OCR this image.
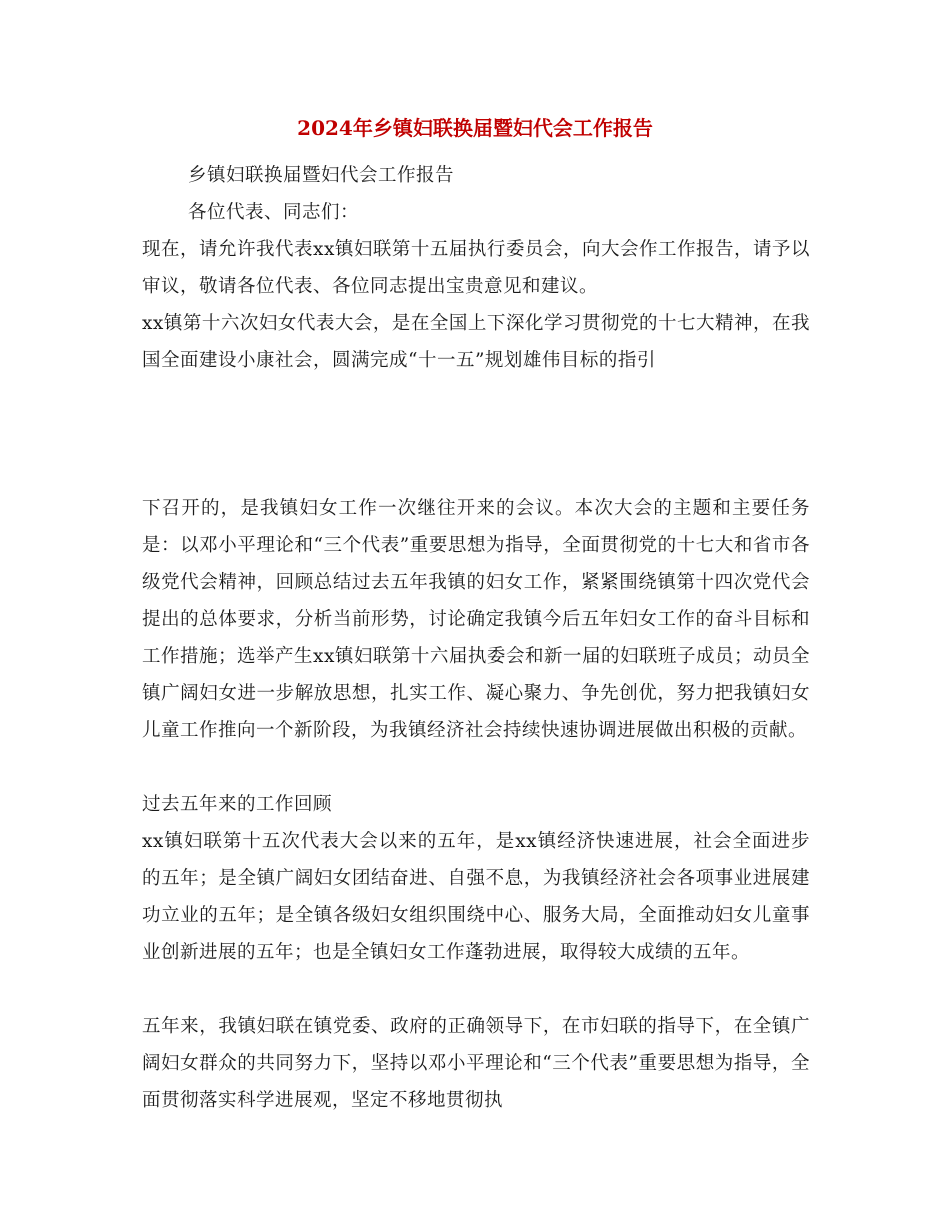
2024年乡镇妇联换届暨妇代会工作报告

乡镇妇联换届暨妇代会工作报告

各位代表、同志们：

现在，请允许我代表xx镇妇联第十五届执行委员会，向大会作工作报告，请予以审议，敬请各位代表、各位同志提出宝贵意见和建议。

xx镇第十六次妇女代表大会，是在全国上下深化学习贯彻党的十七大精神，在我国全面建设小康社会，圆满完成“十一五”规划雄伟目标的指引

下召开的，是我镇妇女工作一次继往开来的会议。本次大会的主题和主要任务是：以邓小平理论和“三个代表”重要思想为指导，全面贯彻党的十七大和省市各级党代会精神，回顾总结过去五年我镇的妇女工作，紧紧围绕镇第十四次党代会提出的总体要求，分析当前形势，讨论确定我镇今后五年妇女工作的奋斗目标和工作措施；选举产生xx镇妇联第十六届执委会和新一届的妇联班子成员；动员全镇广阔妇女进一步解放思想，扎实工作、凝心聚力、争先创优，努力把我镇妇女儿童工作推向一个新阶段，为我镇经济社会持续快速协调进展做出积极的贡献。

过去五年来的工作回顾

xx镇妇联第十五次代表大会以来的五年，是xx镇经济快速进展，社会全面进步的五年；是全镇广阔妇女团结奋进、自强不息，为我镇经济社会各项事业进展建功立业的五年；是全镇各级妇女组织围绕中心、服务大局，全面推动妇女儿童事业创新进展的五年；也是全镇妇女工作蓬勃进展，取得较大成绩的五年。

五年来，我镇妇联在镇党委、政府的正确领导下，在市妇联的指导下，在全镇广阔妇女群众的共同努力下，坚持以邓小平理论和“三个代表”重要思想为指导，全面贯彻落实科学进展观，坚定不移地贯彻执
